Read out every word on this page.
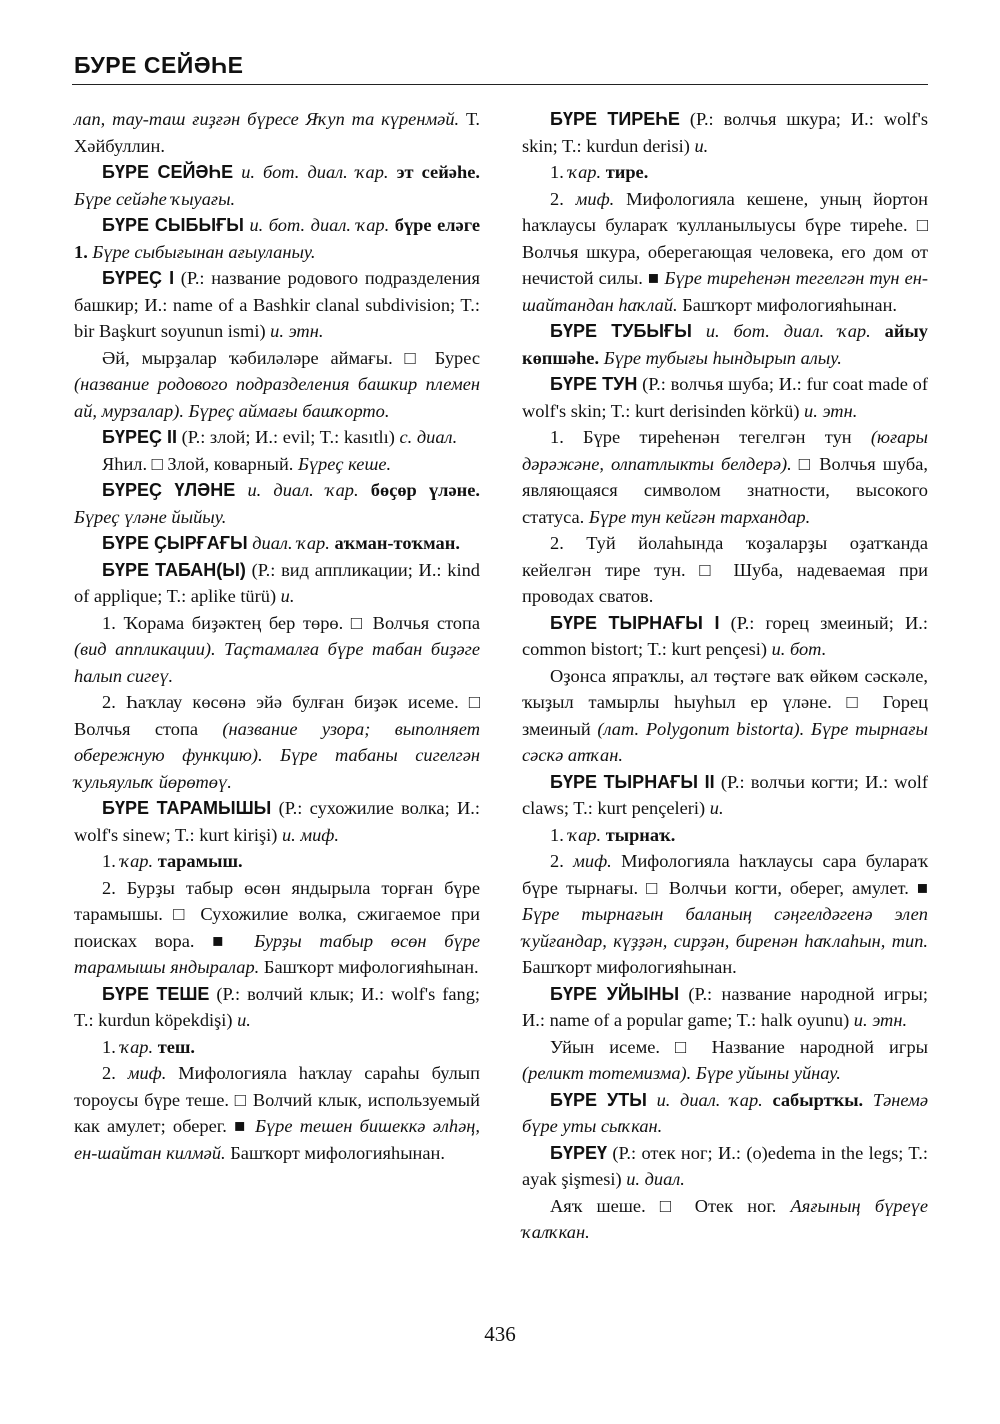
БУРЕ СЕЙӘҺЕ

лап, тау-таш ғиҙғән бүресе Яҡуп та күренмәй. Т. Хәйбуллин.

БҮРЕ СЕЙӘҺЕ и. бот. диал. ҡар. эт сейәһе. Бүре сейәһе ҡыуағы.

БҮРЕ СЫБЫҒЫ и. бот. диал. ҡар. бүре еләге 1. Бүре сыбығынан ағыуланыу.

БҮРЕҪ I (Р.: название родового подразделения башкир; И.: name of a Bashkir clanal subdivision; T.: bir Başkurt soyunun ismi) и. этн.

Әй, мырҙалар ҡәбиләләре аймағы. □ Бурес (название родового подразделения башкир племен ай, мурзалар). Бүреҫ аймағы башҡорто.

БҮРЕҪ II (Р.: злой; И.: evil; T.: kasıtlı) с. диал.

Яһил. □ Злой, коварный. Бүреҫ кеше.

БҮРЕҪ ҮЛӘНЕ и. диал. ҡар. бөҫөр үләне. Бүреҫ үләне йыйыу.

БҮРЕ ҪЫРҒАҒЫ диал. ҡар. аҡман-тоҡман.

БҮРЕ ТАБАН(Ы) (Р.: вид аппликации; И.: kind of applique; T.: aplike türü) и.

1. Ҡорама биҙәктең бер төрө. □ Волчья стопа (вид аппликации). Таҫтамалға бүре табан биҙәге һалып сигеү.

2. Һаҡлау көсөнә эйә булған биҙәк исеме. □ Волчья стопа (название узора; выполняет обережную функцию). Бүре табаны сигелгән ҡульяулыҡ йөрөтөү.

БҮРЕ ТАРАМЫШЫ (Р.: сухожилие волка; И.: wolf's sinew; T.: kurt kirişi) и. миф.

1. ҡар. тарамыш.

2. Бурҙы табыр өсөн яндырыла торған бүре тарамышы. □ Сухожилие волка, сжигаемое при поисках вора. ■ Бурҙы табыр өсөн бүре тарамышы яндыралар. Башҡорт мифологияһынан.

БҮРЕ ТЕШЕ (Р.: волчий клык; И.: wolf's fang; T.: kurdun köpekdişi) и.

1. ҡар. теш.

2. миф. Мифологияла һаҡлау сараһы булып тороусы бүре теше. □ Волчий клык, используемый как амулет; оберег. ■ Бүре тешен бишеккә әлһәң, ен-шайтан килмәй. Башҡорт мифологияһынан.

БҮРЕ ТИРЕҺЕ (Р.: волчья шкура; И.: wolf's skin; T.: kurdun derisi) и.

1. ҡар. тире.

2. миф. Мифологияла кешене, уның йортон һаҡлаусы булараҡ ҡулланылыусы бүре тиреһе. □ Волчья шкура, оберегающая человека, его дом от нечистой силы. ■ Бүре тиреһенән тегелгән тун ен-шайтандан һаҡлай. Башҡорт мифологияһынан.

БҮРЕ ТУБЫҒЫ и. бот. диал. ҡар. айыу көпшәһе. Бүре тубығы һындырып алыу.

БҮРЕ ТУН (Р.: волчья шуба; И.: fur coat made of wolf's skin; T.: kurt derisinden körkü) и. этн.

1. Бүре тиреһенән тегелгән тун (юғары дәрәжәне, олпатлыкты белдерә). □ Волчья шуба, являющаяся символом знатности, высокого статуса. Бүре тун кейгән тархандар.

2. Туй йолаһында ҡоҙаларҙы оҙатҡанда кейелгән тире тун. □ Шуба, надеваемая при проводах сватов.

БҮРЕ ТЫРНАҒЫ I (Р.: горец змеиный; И.: common bistort; T.: kurt pençesi) и. бот.

Оҙонса япраҡлы, ал төҫтәге ваҡ өйкөм сәскәле, ҡыҙыл тамырлы һыуһыл ер үләне. □ Горец змеиный (лат. Polygonum bistorta). Бүре тырнағы сәскә атҡан.

БҮРЕ ТЫРНАҒЫ II (Р.: волчьи когти; И.: wolf claws; T.: kurt pençeleri) и.

1. ҡар. тырнаҡ.

2. миф. Мифологияла һаҡлаусы сара булараҡ бүре тырнағы. □ Волчьи когти, оберег, амулет. ■ Бүре тырнағын баланың сәңгелдәгенә элеп ҡуйғандар, күҙҙән, сирҙән, биренән һаҡлаһын, тип. Башҡорт мифологияһынан.

БҮРЕ УЙЫНЫ (Р.: название народной игры; И.: name of a popular game; T.: halk oyunu) и. этн.

Уйын исеме. □ Название народной игры (реликт тотемизма). Бүре уйыны уйнау.

БҮРЕ УТЫ и. диал. ҡар. сабыртҡы. Тәнемә бүре уты сыҡкан.

БҮРЕҮ (Р.: отек ног; И.: (o)edema in the legs; T.: ayak şişmesi) и. диал.

Аяҡ шеше. □ Отек ног. Аяғының бүреүе ҡалҡкан.

436
